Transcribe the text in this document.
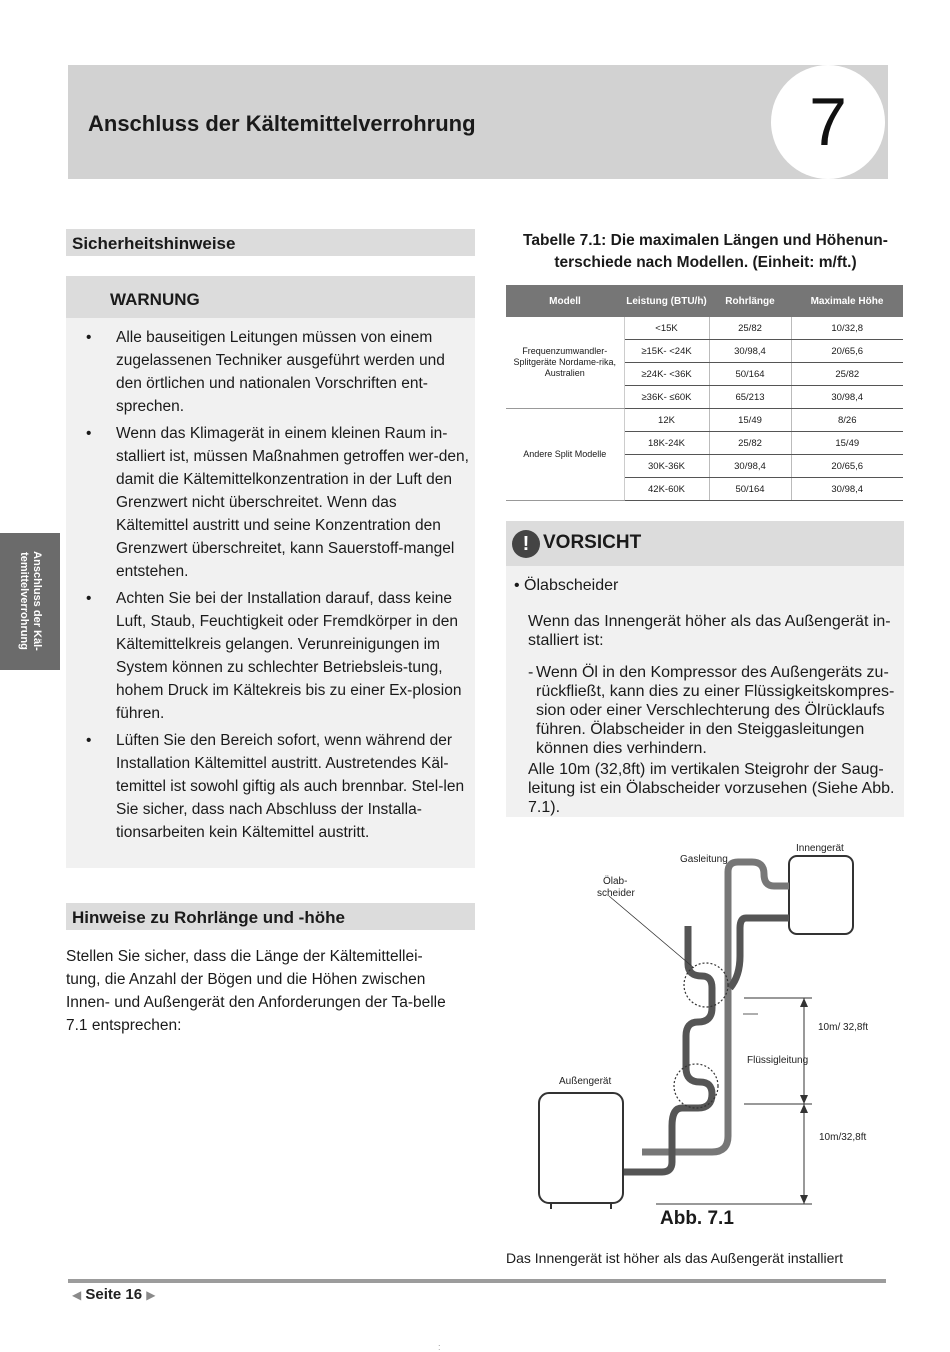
Anschluss der Kältemittelverrohrung	7
Anschluss der Käl-
temittelverrohrung
Sicherheitshinweise
WARNUNG
• Alle bauseitigen Leitungen müssen von einem zugelassenen Techniker ausgeführt werden und den örtlichen und nationalen Vorschriften ent-sprechen.
• Wenn das Klimagerät in einem kleinen Raum in-stalliert ist, müssen Maßnahmen getroffen wer-den, damit die Kältemittelkonzentration in der Luft den Grenzwert nicht überschreitet. Wenn das Kältemittel austritt und seine Konzentration den Grenzwert überschreitet, kann Sauerstoff-mangel entstehen.
• Achten Sie bei der Installation darauf, dass keine Luft, Staub, Feuchtigkeit oder Fremdkörper in den Kältemittelkreis gelangen. Verunreinigungen im System können zu schlechter Betriebsleis-tung, hohem Druck im Kältekreis bis zu einer Ex-plosion führen.
• Lüften Sie den Bereich sofort, wenn während der Installation Kältemittel austritt. Austretendes Käl-temittel ist sowohl giftig als auch brennbar. Stel-len Sie sicher, dass nach Abschluss der Installa-tionsarbeiten kein Kältemittel austritt.
Hinweise zu Rohrlänge und -höhe
Stellen Sie sicher, dass die Länge der Kältemittellei-tung, die Anzahl der Bögen und die Höhen zwischen Innen- und Außengerät den Anforderungen der Ta-belle 7.1 entsprechen:
Tabelle 7.1: Die maximalen Längen und Höhenun-
terschiede nach Modellen. (Einheit: m/ft.)
Modell	Leistung (BTU/h)	Rohrlänge	Maximale Höhe
Frequenzumwandler-Splitgeräte Nordame-rika, Australien	<15K	25/82	10/32,8
	≥15K- <24K	30/98,4	20/65,6
	≥24K- <36K	50/164	25/82
	≥36K- ≤60K	65/213	30/98,4
Andere Split Modelle	12K	15/49	8/26
	18K-24K	25/82	15/49
	30K-36K	30/98,4	20/65,6
	42K-60K	50/164	30/98,4
! VORSICHT
• Ölabscheider
Wenn das Innengerät höher als das Außengerät in-stalliert ist:
- Wenn Öl in den Kompressor des Außengeräts zu-rückfließt, kann dies zu einer Flüssigkeitskompres-sion oder einer Verschlechterung des Ölrücklaufs führen. Ölabscheider in den Steiggasleitungen können dies verhindern.
Alle 10m (32,8ft) im vertikalen Steigrohr der Saug-leitung ist ein Ölabscheider vorzusehen (Siehe Abb. 7.1).
Innengerät
Gasleitung
Ölab-
scheider
10m/ 32,8ft
Flüssigleitung
Außengerät
10m/32,8ft
Abb. 7.1
Das Innengerät ist höher als das Außengerät installiert
◀ Seite 16 ▶
:
